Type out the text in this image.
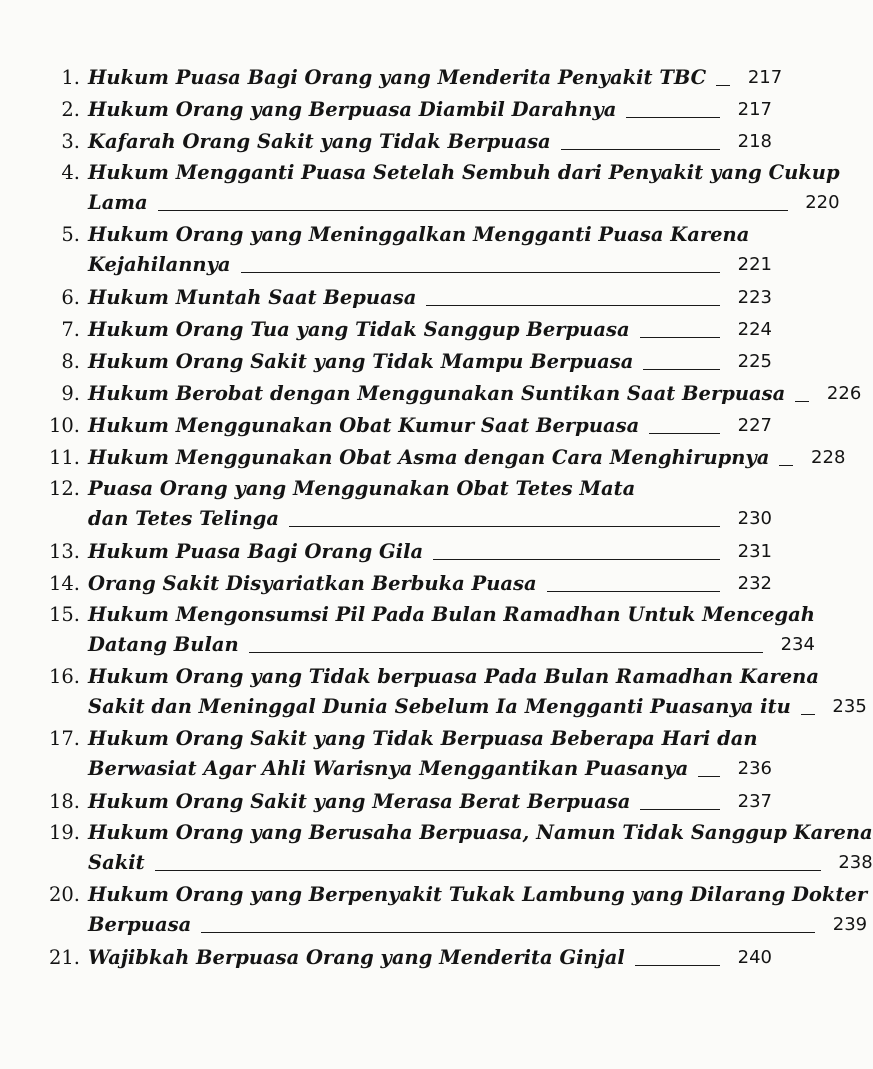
1. Hukum Puasa Bagi Orang yang Menderita Penyakit TBC	217
2. Hukum Orang yang Berpuasa Diambil Darahnya	217
3. Kafarah Orang Sakit yang Tidak Berpuasa	218
4. Hukum Mengganti Puasa Setelah Sembuh dari Penyakit yang Cukup
Lama	220
5. Hukum Orang yang Meninggalkan Mengganti Puasa Karena
Kejahilannya	221
6. Hukum Muntah Saat Bepuasa	223
7. Hukum Orang Tua yang Tidak Sanggup Berpuasa	224
8. Hukum Orang Sakit yang Tidak Mampu Berpuasa	225
9. Hukum Berobat dengan Menggunakan Suntikan Saat Berpuasa	226
10. Hukum Menggunakan Obat Kumur Saat Berpuasa	227
11. Hukum Menggunakan Obat Asma dengan Cara Menghirupnya	228
12. Puasa Orang yang Menggunakan Obat Tetes Mata
dan Tetes Telinga	230
13. Hukum Puasa Bagi Orang Gila	231
14. Orang Sakit Disyariatkan Berbuka Puasa	232
15. Hukum Mengonsumsi Pil Pada Bulan Ramadhan Untuk Mencegah
Datang Bulan	234
16. Hukum Orang yang Tidak berpuasa Pada Bulan Ramadhan Karena
Sakit dan Meninggal Dunia Sebelum Ia Mengganti Puasanya itu	235
17. Hukum Orang Sakit yang Tidak Berpuasa Beberapa Hari dan
Berwasiat Agar Ahli Warisnya Menggantikan Puasanya	236
18. Hukum Orang Sakit yang Merasa Berat Berpuasa	237
19. Hukum Orang yang Berusaha Berpuasa, Namun Tidak Sanggup Karena
Sakit	238
20. Hukum Orang yang Berpenyakit Tukak Lambung yang Dilarang Dokter
Berpuasa	239
21. Wajibkah Berpuasa Orang yang Menderita Ginjal	240
